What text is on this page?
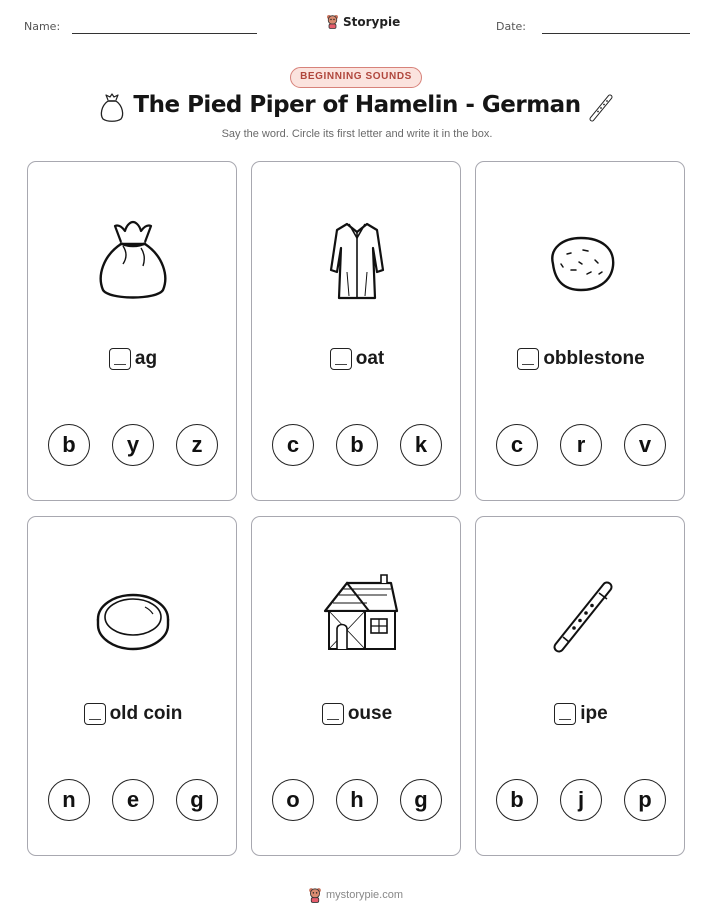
Name:	Storypie	Date:
BEGINNING SOUNDS
The Pied Piper of Hamelin - German
Say the word. Circle its first letter and write it in the box.
ag
b	y	z
oat
c	b	k
obblestone
c	r	v
old coin
n	e	g
ouse
o	h	g
ipe
b	j	p
mystorypie.com
